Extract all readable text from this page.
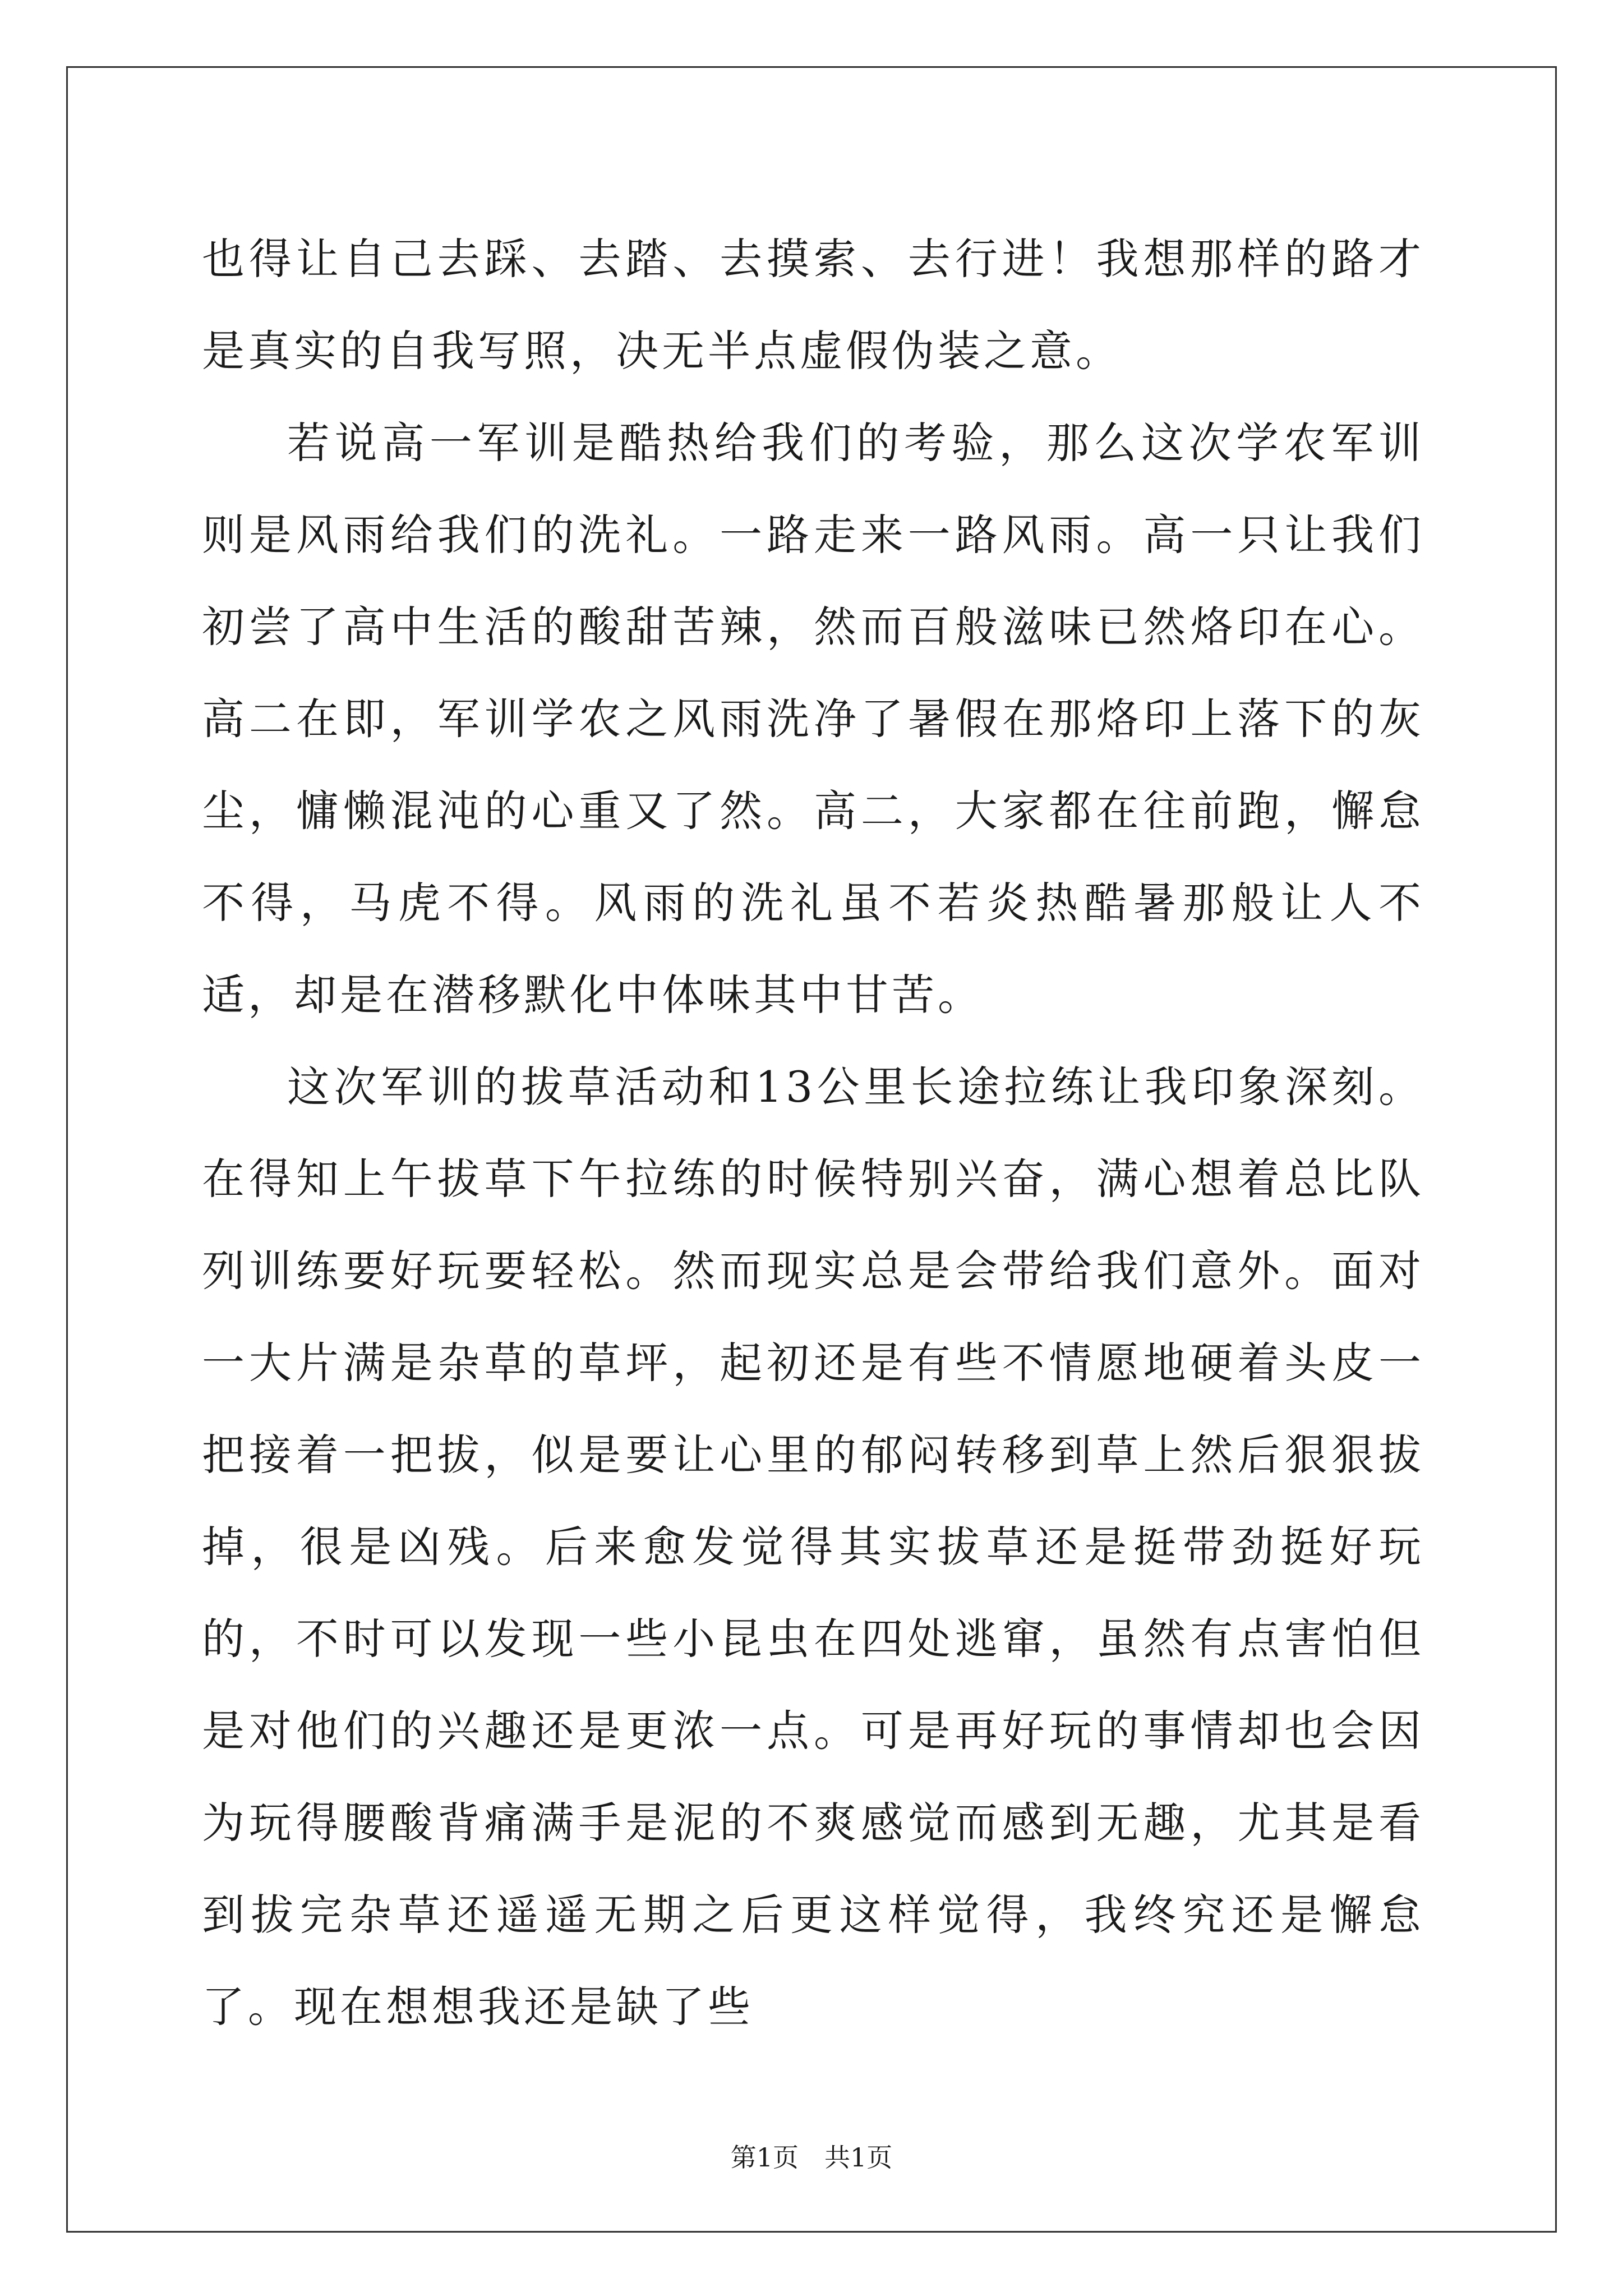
也得让自己去踩、去踏、去摸索、去行进！我想那样的路才是真实的自我写照，决无半点虚假伪装之意。

若说高一军训是酷热给我们的考验，那么这次学农军训则是风雨给我们的洗礼。一路走来一路风雨。高一只让我们初尝了高中生活的酸甜苦辣，然而百般滋味已然烙印在心。高二在即，军训学农之风雨洗净了暑假在那烙印上落下的灰尘，慵懒混沌的心重又了然。高二，大家都在往前跑，懈怠不得，马虎不得。风雨的洗礼虽不若炎热酷暑那般让人不适，却是在潜移默化中体味其中甘苦。

这次军训的拔草活动和13公里长途拉练让我印象深刻。在得知上午拔草下午拉练的时候特别兴奋，满心想着总比队列训练要好玩要轻松。然而现实总是会带给我们意外。面对一大片满是杂草的草坪，起初还是有些不情愿地硬着头皮一把接着一把拔，似是要让心里的郁闷转移到草上然后狠狠拔掉，很是凶残。后来愈发觉得其实拔草还是挺带劲挺好玩的，不时可以发现一些小昆虫在四处逃窜，虽然有点害怕但是对他们的兴趣还是更浓一点。可是再好玩的事情却也会因为玩得腰酸背痛满手是泥的不爽感觉而感到无趣，尤其是看到拔完杂草还遥遥无期之后更这样觉得，我终究还是懈怠了。现在想想我还是缺了些

第1页　共1页
